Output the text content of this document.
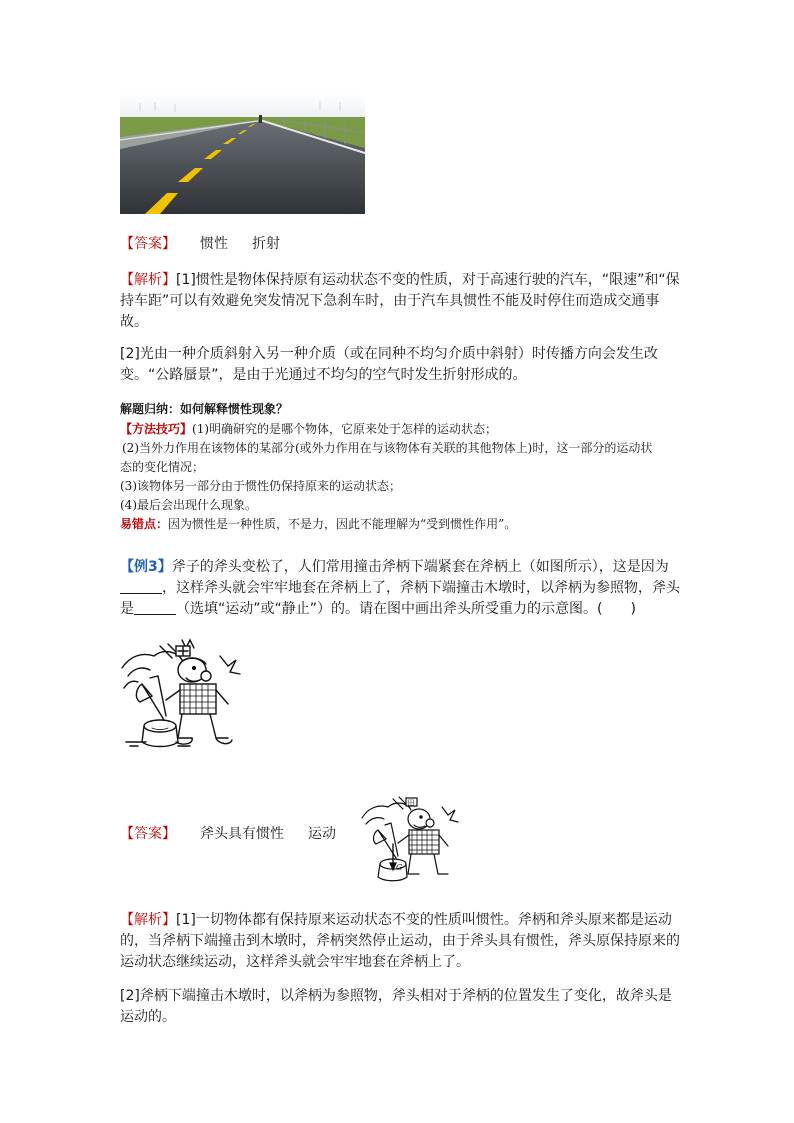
【答案】 惯性 折射

【解析】[1]惯性是物体保持原有运动状态不变的性质，对于高速行驶的汽车，“限速”和“保持车距”可以有效避免突发情况下急刹车时，由于汽车具惯性不能及时停住而造成交通事故。

[2]光由一种介质斜射入另一种介质（或在同种不均匀介质中斜射）时传播方向会发生改变。“公路蜃景”，是由于光通过不均匀的空气时发生折射形成的。

解题归纳：如何解释惯性现象？

【方法技巧】(1)明确研究的是哪个物体，它原来处于怎样的运动状态；
(2)当外力作用在该物体的某部分(或外力作用在与该物体有关联的其他物体上)时，这一部分的运动状态的变化情况；
(3)该物体另一部分由于惯性仍保持原来的运动状态；
(4)最后会出现什么现象。
易错点：因为惯性是一种性质，不是力，因此不能理解为“受到惯性作用”。

【例3】斧子的斧头变松了，人们常用撞击斧柄下端紧套在斧柄上（如图所示），这是因为，这样斧头就会牢牢地套在斧柄上了，斧柄下端撞击木墩时，以斧柄为参照物，斧头是	（选填“运动”或“静止”）的。请在图中画出斧头所受重力的示意图。(　　)

【答案】 斧头具有惯性 运动

田
G

【解析】[1]一切物体都有保持原来运动状态不变的性质叫惯性。斧柄和斧头原来都是运动的，当斧柄下端撞击到木墩时，斧柄突然停止运动，由于斧头具有惯性，斧头原保持原来的运动状态继续运动，这样斧头就会牢牢地套在斧柄上了。

[2]斧柄下端撞击木墩时，以斧柄为参照物，斧头相对于斧柄的位置发生了变化，故斧头是运动的。
